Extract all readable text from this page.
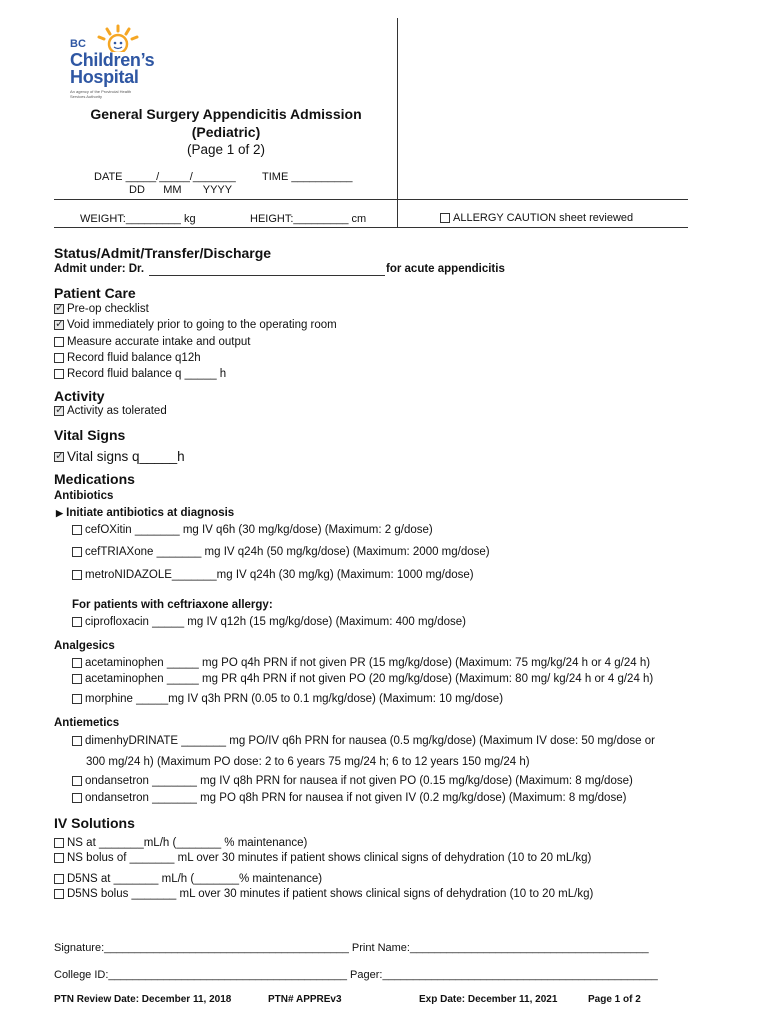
BC
Children’s
Hospital
An agency of the Provincial Health Services Authority
General Surgery Appendicitis Admission
(Pediatric)
(Page 1 of 2)
DATE _____/_____/_______
DD      MM       YYYY
TIME __________
WEIGHT:_________ kg	HEIGHT:_________ cm	ALLERGY CAUTION sheet reviewed
Status/Admit/Transfer/Discharge
Admit under: Dr.	for acute appendicitis
Patient Care
✓
Pre-op checklist
✓
Void immediately prior to going to the operating room
Measure accurate intake and output
Record fluid balance q12h
Record fluid balance q _____ h
Activity
✓
Activity as tolerated
Vital Signs
✓
Vital signs q_____h
Medications
Antibiotics
▶ Initiate antibiotics at diagnosis
cefOXitin _______ mg IV q6h (30 mg/kg/dose) (Maximum: 2 g/dose)
cefTRIAXone _______ mg IV q24h (50 mg/kg/dose) (Maximum: 2000 mg/dose)
metroNIDAZOLE_______mg IV q24h (30 mg/kg) (Maximum: 1000 mg/dose)
For patients with ceftriaxone allergy:
ciprofloxacin _____ mg IV q12h (15 mg/kg/dose) (Maximum: 400 mg/dose)
Analgesics
acetaminophen _____ mg PO q4h PRN if not given PR (15 mg/kg/dose) (Maximum: 75 mg/kg/24 h or 4 g/24 h)
acetaminophen _____ mg PR q4h PRN if not given PO (20 mg/kg/dose) (Maximum: 80 mg/ kg/24 h or 4 g/24 h)
morphine _____mg IV q3h PRN (0.05 to 0.1 mg/kg/dose) (Maximum: 10 mg/dose)
Antiemetics
dimenhyDRINATE _______ mg PO/IV q6h PRN for nausea (0.5 mg/kg/dose) (Maximum IV dose: 50 mg/dose or
300 mg/24 h) (Maximum PO dose: 2 to 6 years 75 mg/24 h; 6 to 12 years 150 mg/24 h)
ondansetron _______ mg IV q8h PRN for nausea if not given PO (0.15 mg/kg/dose) (Maximum: 8 mg/dose)
ondansetron _______ mg PO q8h PRN for nausea if not given IV (0.2 mg/kg/dose) (Maximum: 8 mg/dose)
IV Solutions
NS at _______mL/h (_______ % maintenance)
NS bolus of _______ mL over 30 minutes if patient shows clinical signs of dehydration (10 to 20 mL/kg)
D5NS at _______ mL/h (_______% maintenance)
D5NS bolus _______ mL over 30 minutes if patient shows clinical signs of dehydration (10 to 20 mL/kg)
Signature:________________________________________ Print Name:_______________________________________
College ID:_______________________________________ Pager:_____________________________________________
PTN Review Date: December 11, 2018	PTN# APPREv3	Exp Date: December 11, 2021	Page 1 of 2
